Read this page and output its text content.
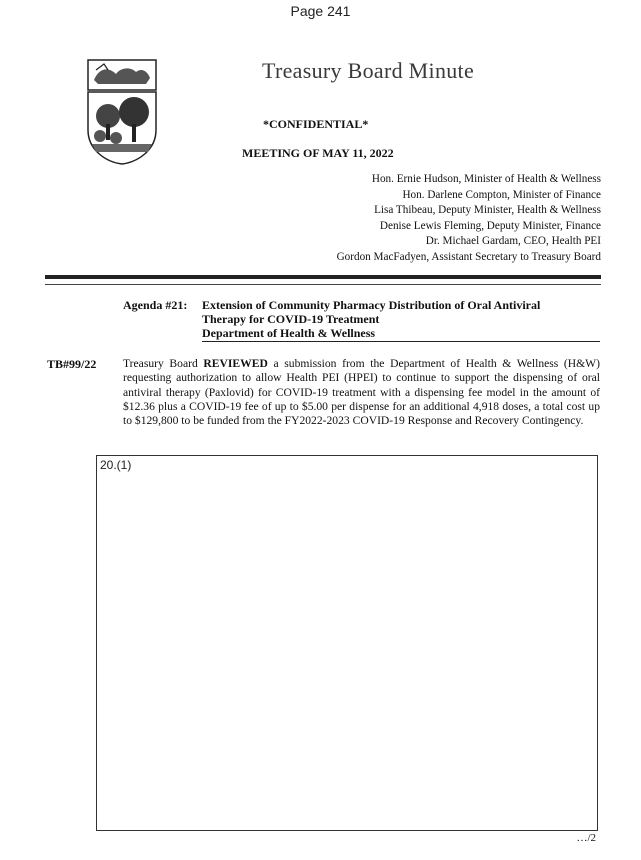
Page 241
Treasury Board Minute
*CONFIDENTIAL*
MEETING OF MAY 11, 2022
Hon. Ernie Hudson, Minister of Health & Wellness
Hon. Darlene Compton, Minister of Finance
Lisa Thibeau, Deputy Minister, Health & Wellness
Denise Lewis Fleming, Deputy Minister, Finance
Dr. Michael Gardam, CEO, Health PEI
Gordon MacFadyen, Assistant Secretary to Treasury Board
Agenda #21: Extension of Community Pharmacy Distribution of Oral Antiviral
Therapy for COVID-19 Treatment
Department of Health & Wellness
TB#99/22 Treasury Board REVIEWED a submission from the Department of Health & Wellness (H&W) requesting authorization to allow Health PEI (HPEI) to continue to support the dispensing of oral antiviral therapy (Paxlovid) for COVID-19 treatment with a dispensing fee model in the amount of $12.36 plus a COVID-19 fee of up to $5.00 per dispense for an additional 4,918 doses, a total cost up to $129,800 to be funded from the FY2022-2023 COVID-19 Response and Recovery Contingency.
20.(1)
…/2
